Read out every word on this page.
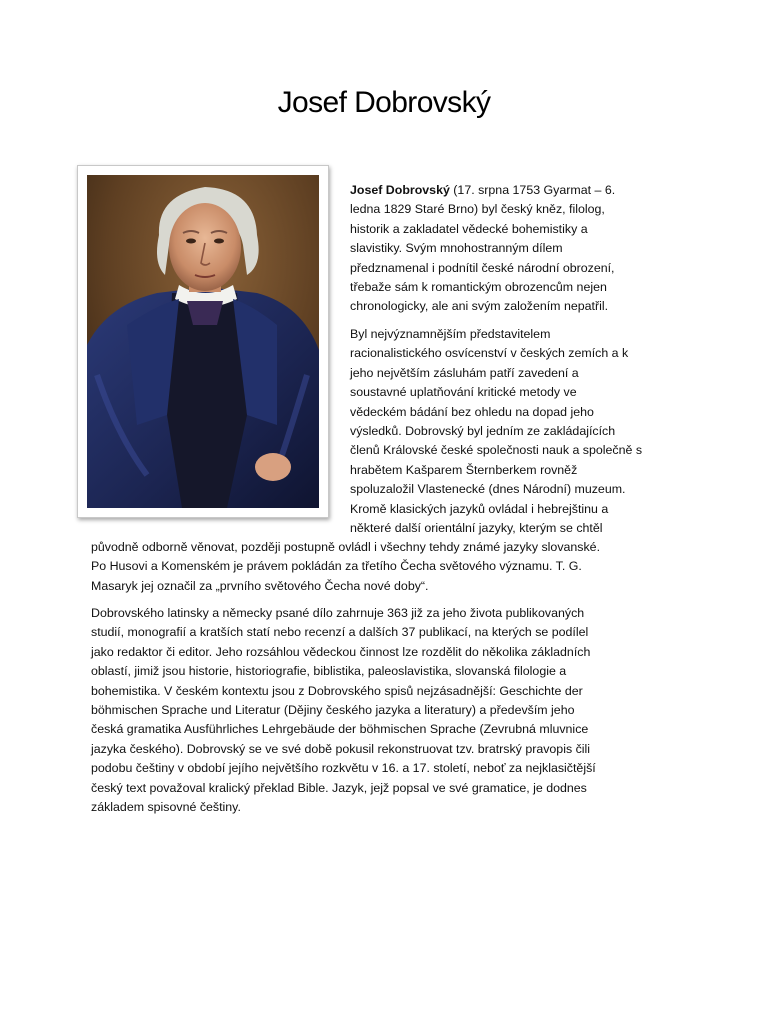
Josef Dobrovský
Josef Dobrovský (17. srpna 1753 Gyarmat – 6.
ledna 1829 Staré Brno) byl český kněz, filolog,
historik a zakladatel vědecké bohemistiky a
slavistiky. Svým mnohostranným dílem
předznamenal i podnítil české národní obrození,
třebaže sám k romantickým obrozencům nejen
chronologicky, ale ani svým založením nepatřil.
Byl nejvýznamnějším představitelem
racionalistického osvícenství v českých zemích a k
jeho největším zásluhám patří zavedení a
soustavné uplatňování kritické metody ve
vědeckém bádání bez ohledu na dopad jeho
výsledků. Dobrovský byl jedním ze zakládajících
členů Královské české společnosti nauk a společně s
hrabětem Kašparem Šternberkem rovněž
spoluzaložil Vlastenecké (dnes Národní) muzeum.
Kromě klasických jazyků ovládal i hebrejštinu a
některé další orientální jazyky, kterým se chtěl
původně odborně věnovat, později postupně ovládl i všechny tehdy známé jazyky slovanské.
Po Husovi a Komenském je právem pokládán za třetího Čecha světového významu. T. G.
Masaryk jej označil za „prvního světového Čecha nové doby“.
Dobrovského latinsky a německy psané dílo zahrnuje 363 již za jeho života publikovaných
studií, monografií a kratších statí nebo recenzí a dalších 37 publikací, na kterých se podílel
jako redaktor či editor. Jeho rozsáhlou vědeckou činnost lze rozdělit do několika základních
oblastí, jimiž jsou historie, historiografie, biblistika, paleoslavistika, slovanská filologie a
bohemistika. V českém kontextu jsou z Dobrovského spisů nejzásadnější: Geschichte der
böhmischen Sprache und Literatur (Dějiny českého jazyka a literatury) a především jeho
česká gramatika Ausführliches Lehrgebäude der böhmischen Sprache (Zevrubná mluvnice
jazyka českého). Dobrovský se ve své době pokusil rekonstruovat tzv. bratrský pravopis čili
podobu češtiny v období jejího největšího rozkvětu v 16. a 17. století, neboť za nejklasičtější
český text považoval kralický překlad Bible. Jazyk, jejž popsal ve své gramatice, je dodnes
základem spisovné češtiny.
